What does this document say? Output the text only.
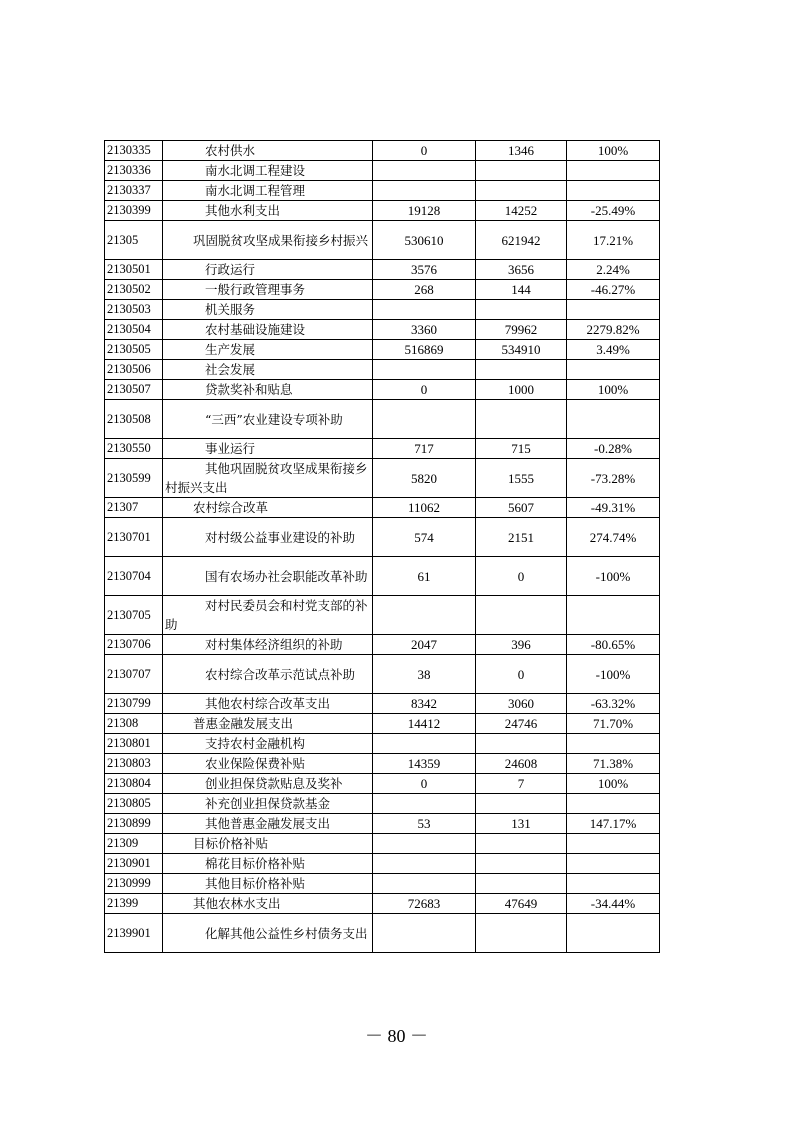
2130335	农村供水	0	1346	100%
2130336	南水北调工程建设			
2130337	南水北调工程管理			
2130399	其他水利支出	19128	14252	-25.49%
21305	巩固脱贫攻坚成果衔接乡村振兴	530610	621942	17.21%
2130501	行政运行	3576	3656	2.24%
2130502	一般行政管理事务	268	144	-46.27%
2130503	机关服务			
2130504	农村基础设施建设	3360	79962	2279.82%
2130505	生产发展	516869	534910	3.49%
2130506	社会发展			
2130507	贷款奖补和贴息	0	1000	100%
2130508	“三西”农业建设专项补助			
2130550	事业运行	717	715	-0.28%
2130599	其他巩固脱贫攻坚成果衔接乡村振兴支出	5820	1555	-73.28%
21307	农村综合改革	11062	5607	-49.31%
2130701	对村级公益事业建设的补助	574	2151	274.74%
2130704	国有农场办社会职能改革补助	61	0	-100%
2130705	对村民委员会和村党支部的补助			
2130706	对村集体经济组织的补助	2047	396	-80.65%
2130707	农村综合改革示范试点补助	38	0	-100%
2130799	其他农村综合改革支出	8342	3060	-63.32%
21308	普惠金融发展支出	14412	24746	71.70%
2130801	支持农村金融机构			
2130803	农业保险保费补贴	14359	24608	71.38%
2130804	创业担保贷款贴息及奖补	0	7	100%
2130805	补充创业担保贷款基金			
2130899	其他普惠金融发展支出	53	131	147.17%
21309	目标价格补贴			
2130901	棉花目标价格补贴			
2130999	其他目标价格补贴			
21399	其他农林水支出	72683	47649	-34.44%
2139901	化解其他公益性乡村债务支出			
－ 80 －
